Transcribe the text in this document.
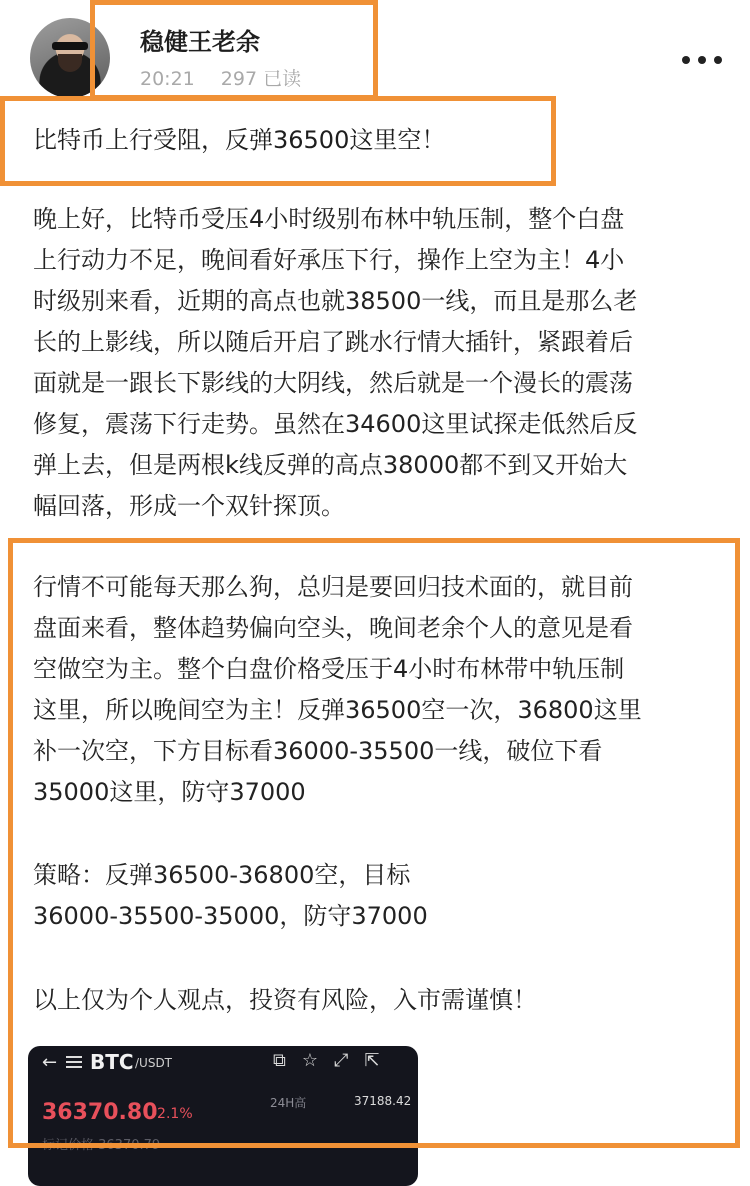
稳健王老余
20:21 297 已读
比特币上行受阻，反弹36500这里空！
晚上好，比特币受压4小时级别布林中轨压制，整个白盘
上行动力不足，晚间看好承压下行，操作上空为主！4小
时级别来看，近期的高点也就38500一线，而且是那么老
长的上影线，所以随后开启了跳水行情大插针，紧跟着后
面就是一跟长下影线的大阴线，然后就是一个漫长的震荡
修复，震荡下行走势。虽然在34600这里试探走低然后反
弹上去，但是两根k线反弹的高点38000都不到又开始大
幅回落，形成一个双针探顶。
行情不可能每天那么狗，总归是要回归技术面的，就目前
盘面来看，整体趋势偏向空头，晚间老余个人的意见是看
空做空为主。整个白盘价格受压于4小时布林带中轨压制
这里，所以晚间空为主！反弹36500空一次，36800这里
补一次空，下方目标看36000-35500一线，破位下看
35000这里，防守37000
策略：反弹36500-36800空，目标
36000-35500-35000，防守37000
以上仅为个人观点，投资有风险，入市需谨慎！
← BTC /USDT	⧉ ☆ ⤢ ⇱
36370.80
-2.1%
24H高	37188.42
标记价格 36370.79
